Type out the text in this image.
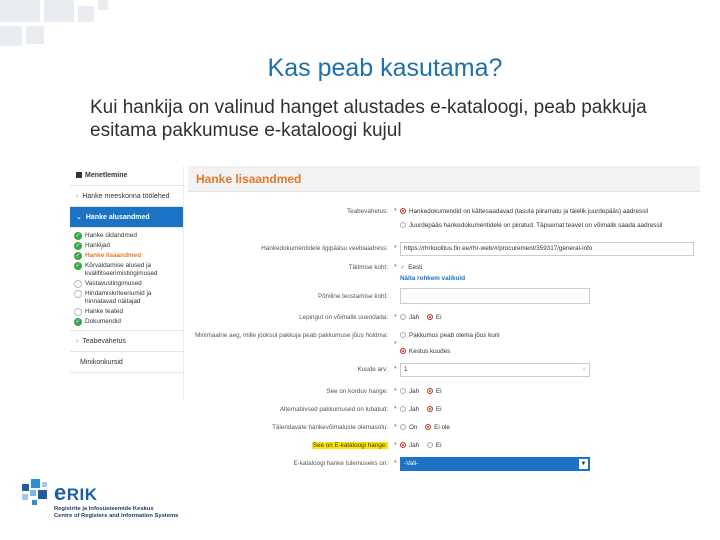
Kas peab kasutama?
Kui hankija on valinud hanget alustades e-kataloogi, peab pakkuja esitama pakkumuse e-kataloogi kujul
Menetlemine
› Hanke meeskonna töölehed
⌄ Hanke alusandmed
✓
Hanke üldandmed
✓
Hankijad
✓
Hanke lisaandmed
✓
Kõrvaldamise alused ja kvalifitseerimistingimused
Vastavustingimused
Hindamiskriteeriumid ja hinnatavad näitajad
Hanke teated
✓
Dokumendid
› Teabevahetus
Minikonkursid
Hanke lisaandmed
Teabevahetus: *	Hankedokumendid on kättesaadavad (tasuta piiramatu ja täielik juurdepääs) aadressil
Juurdepääs hankedokumentidele on piiratud. Täpsemat teavet on võimalik saada aadressil
Hankedokumentidele ligipääsu veebiaadress: *	https://rhrkoolitus.fin.ee/rhr-web/#/procurement/359317/general-info
Täitmise koht: * ✓ Eesti
Näita rohkem valikuid
Põhiline teostamise koht:
Lepingut on võimalik uuendada: *	Jah	Ei
Minimaalne aeg, mille jooksul pakkuja peab pakkumuse jõus hoidma:
*
Pakkumus peab olema jõus kuni
Kestus kuudes
Kuude arv: *	1	×
See on korduv hange: *	Jah	Ei
Alternatiivsed pakkumused on lubatud: *	Jah	Ei
Täiendavate hankevõimaluste olemasolu: *	On	Ei ole
See on E-kataloogi hange: *	Jah	Ei
E-kataloogi hanke tulemuseks on: *	-Vali-	▼
eRIK
Registrite ja Infosüsteemide Keskus
Centre of Registers and Information Systems
